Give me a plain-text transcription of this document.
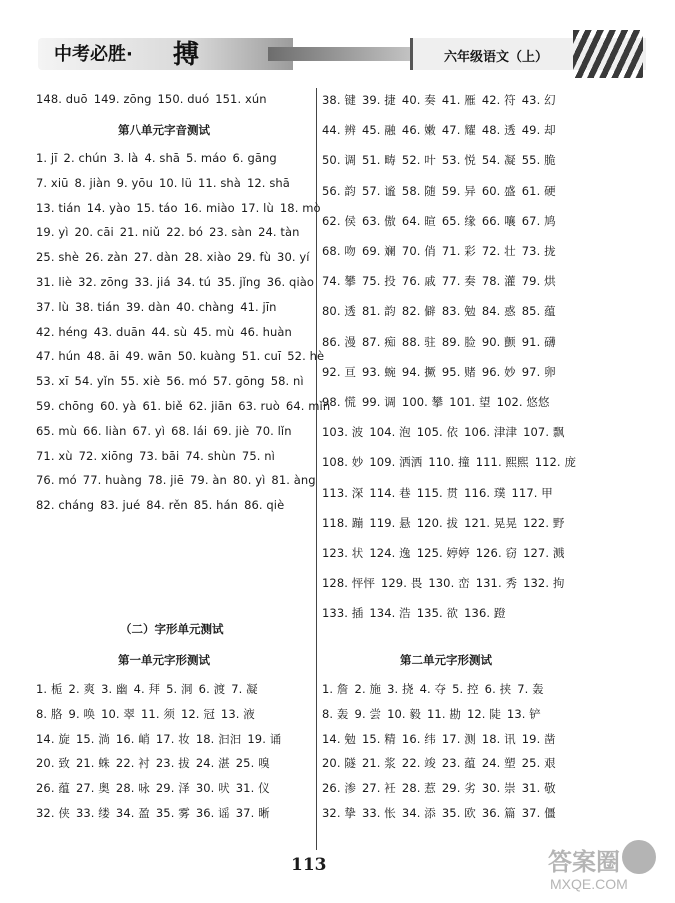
中考必胜· 搏	六年级语文（上）
148. duō 149. zōng 150. duó 151. xún
第八单元字音测试
1. jī 2. chún 3. là 4. shā 5. máo 6. gāng
7. xiū 8. jiàn 9. yōu 10. lü 11. shà 12. shā
13. tián 14. yào 15. táo 16. miào 17. lù 18. mò
19. yì 20. cāi 21. niǔ 22. bó 23. sàn 24. tàn
25. shè 26. zàn 27. dàn 28. xiào 29. fù 30. yí
31. liè 32. zōng 33. jiá 34. tú 35. jǐng 36. qiào
37. lù 38. tián 39. dàn 40. chàng 41. jīn
42. héng 43. duān 44. sù 45. mù 46. huàn
47. hún 48. āi 49. wān 50. kuàng 51. cuī 52. hè
53. xī 54. yǐn 55. xiè 56. mó 57. gōng 58. nì
59. chōng 60. yà 61. biě 62. jiān 63. ruò 64. mǐn
65. mù 66. liàn 67. yì 68. lái 69. jiè 70. lǐn
71. xù 72. xiōng 73. bāi 74. shùn 75. nì
76. mó 77. huàng 78. jiē 79. àn 80. yì 81. àng
82. cháng 83. jué 84. rěn 85. hán 86. qiè
（二）字形单元测试
第一单元字形测试
1. 栀 2. 爽 3. 幽 4. 拜 5. 洞 6. 渡 7. 凝
8. 胳 9. 唤 10. 翠 11. 须 12. 冠 13. 液
14. 旋 15. 淌 16. 峭 17. 妆 18. 汩汩 19. 诵
20. 致 21. 蛛 22. 衬 23. 拔 24. 湛 25. 嗅
26. 蕴 27. 奥 28. 咏 29. 泽 30. 吠 31. 仪
32. 侠 33. 缕 34. 盈 35. 雾 36. 谣 37. 晰
38. 键 39. 捷 40. 奏 41. 雁 42. 符 43. 幻
44. 辨 45. 融 46. 嫩 47. 耀 48. 透 49. 却
50. 调 51. 畴 52. 叶 53. 悦 54. 凝 55. 脆
56. 韵 57. 谧 58. 随 59. 异 60. 盛 61. 硬
62. 侯 63. 傲 64. 暄 65. 缘 66. 嚷 67. 鸠
68. 吻 69. 斓 70. 俏 71. 彩 72. 壮 73. 拢
74. 攀 75. 投 76. 戚 77. 奏 78. 灌 79. 烘
80. 透 81. 韵 82. 僻 83. 勉 84. 惑 85. 蕴
86. 漫 87. 痴 88. 驻 89. 脸 90. 颤 91. 礴
92. 亘 93. 蜿 94. 撅 95. 赌 96. 妙 97. 卵
98. 慌 99. 调 100. 攀 101. 望 102. 悠悠
103. 波 104. 泡 105. 依 106. 津津 107. 飘
108. 妙 109. 洒洒 110. 撞 111. 熙熙 112. 庞
113. 深 114. 巷 115. 贯 116. 璞 117. 甲
118. 蹦 119. 悬 120. 拔 121. 晃晃 122. 野
123. 状 124. 逸 125. 婷婷 126. 窃 127. 溅
128. 怦怦 129. 畏 130. 峦 131. 秀 132. 拘
133. 插 134. 浩 135. 欲 136. 蹬
第二单元字形测试
1. 詹 2. 施 3. 挠 4. 夺 5. 控 6. 挟 7. 轰
8. 轰 9. 尝 10. 毅 11. 勘 12. 陡 13. 铲
14. 勉 15. 精 16. 纬 17. 测 18. 讯 19. 凿
20. 隧 21. 浆 22. 竣 23. 蕴 24. 塑 25. 艰
26. 渗 27. 衽 28. 惹 29. 劣 30. 崇 31. 敬
32. 挚 33. 怅 34. 添 35. 欧 36. 篇 37. 僵
113	答案圈
MXQE.COM
